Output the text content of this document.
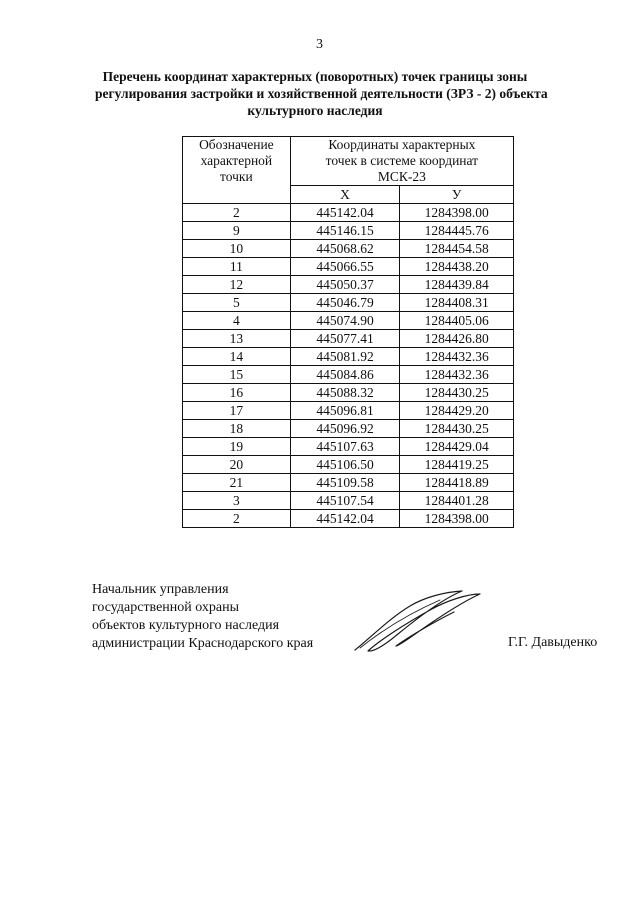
3
Перечень координат характерных (поворотных) точек границы зоны
регулирования застройки и хозяйственной деятельности (ЗРЗ - 2) объекта
культурного наследия
Обозначение
характерной
точки	Координаты характерных
точек в системе координат
МСК-23	

	X	У
2	445142.04	1284398.00
9	445146.15	1284445.76
10	445068.62	1284454.58
11	445066.55	1284438.20
12	445050.37	1284439.84
5	445046.79	1284408.31
4	445074.90	1284405.06
13	445077.41	1284426.80
14	445081.92	1284432.36
15	445084.86	1284432.36
16	445088.32	1284430.25
17	445096.81	1284429.20
18	445096.92	1284430.25
19	445107.63	1284429.04
20	445106.50	1284419.25
21	445109.58	1284418.89
3	445107.54	1284401.28
2	445142.04	1284398.00
Начальник управления
государственной охраны
объектов культурного наследия
администрации Краснодарского края	Г.Г. Давыденко
